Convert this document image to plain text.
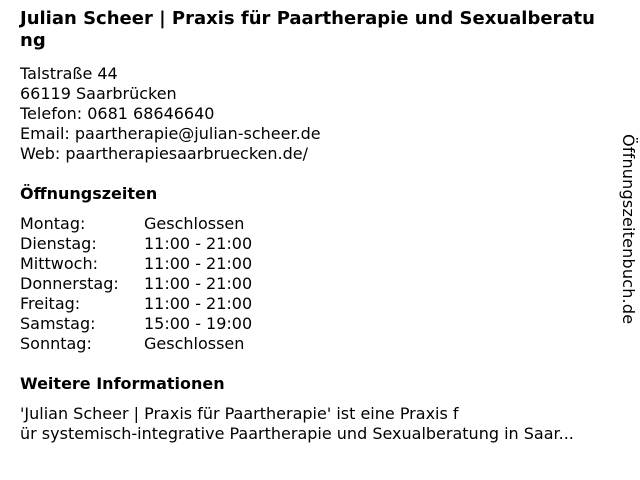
Julian Scheer | Praxis für Paartherapie und Sexualberatung
Talstraße 44
66119 Saarbrücken
Telefon: 0681 68646640
Email: paartherapie@julian-scheer.de
Web: paartherapiesaarbruecken.de/
Öffnungszeiten
Montag:	Geschlossen
Dienstag:	11:00 - 21:00
Mittwoch:	11:00 - 21:00
Donnerstag:	11:00 - 21:00
Freitag:	11:00 - 21:00
Samstag:	15:00 - 19:00
Sonntag:	Geschlossen
Weitere Informationen
'Julian Scheer | Praxis für Paartherapie' ist eine Praxis f
ür systemisch-integrative Paartherapie und Sexualberatung in Saar...
Öffnungszeitenbuch.de
